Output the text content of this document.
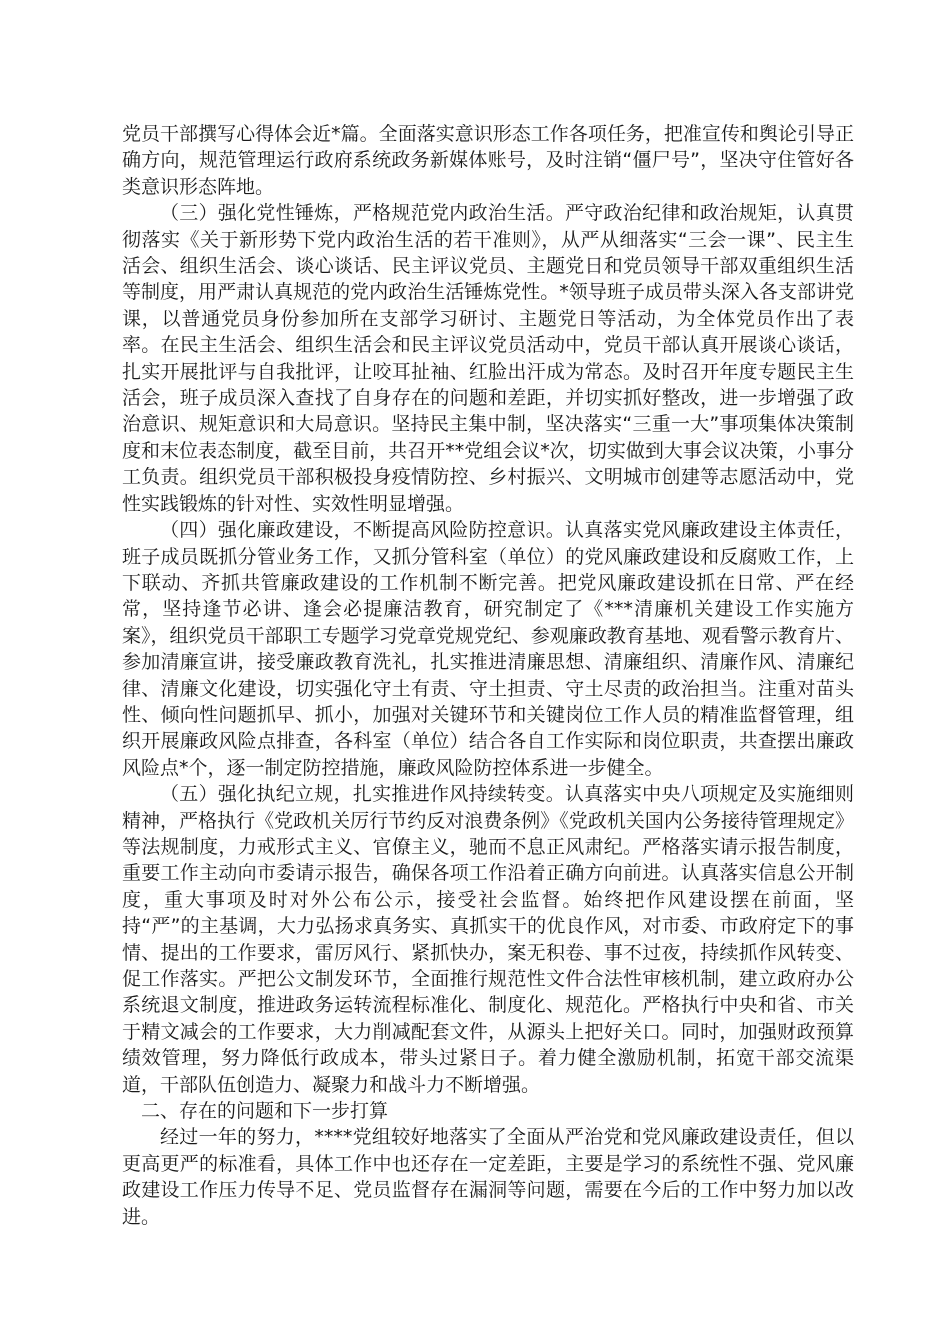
党员干部撰写心得体会近*篇。全面落实意识形态工作各项任务，把准宣传和舆论引导正确方向，规范管理运行政府系统政务新媒体账号，及时注销“僵尸号”，坚决守住管好各类意识形态阵地。

（三）强化党性锤炼，严格规范党内政治生活。严守政治纪律和政治规矩，认真贯彻落实《关于新形势下党内政治生活的若干准则》，从严从细落实“三会一课”、民主生活会、组织生活会、谈心谈话、民主评议党员、主题党日和党员领导干部双重组织生活等制度，用严肃认真规范的党内政治生活锤炼党性。*领导班子成员带头深入各支部讲党课，以普通党员身份参加所在支部学习研讨、主题党日等活动，为全体党员作出了表率。在民主生活会、组织生活会和民主评议党员活动中，党员干部认真开展谈心谈话，扎实开展批评与自我批评，让咬耳扯袖、红脸出汗成为常态。及时召开年度专题民主生活会，班子成员深入查找了自身存在的问题和差距，并切实抓好整改，进一步增强了政治意识、规矩意识和大局意识。坚持民主集中制，坚决落实“三重一大”事项集体决策制度和末位表态制度，截至目前，共召开**党组会议*次，切实做到大事会议决策，小事分工负责。组织党员干部积极投身疫情防控、乡村振兴、文明城市创建等志愿活动中，党性实践锻炼的针对性、实效性明显增强。

（四）强化廉政建设，不断提高风险防控意识。认真落实党风廉政建设主体责任，班子成员既抓分管业务工作，又抓分管科室（单位）的党风廉政建设和反腐败工作，上下联动、齐抓共管廉政建设的工作机制不断完善。把党风廉政建设抓在日常、严在经常，坚持逢节必讲、逢会必提廉洁教育，研究制定了《***清廉机关建设工作实施方案》，组织党员干部职工专题学习党章党规党纪、参观廉政教育基地、观看警示教育片、参加清廉宣讲，接受廉政教育洗礼，扎实推进清廉思想、清廉组织、清廉作风、清廉纪律、清廉文化建设，切实强化守土有责、守土担责、守土尽责的政治担当。注重对苗头性、倾向性问题抓早、抓小，加强对关键环节和关键岗位工作人员的精准监督管理，组织开展廉政风险点排查，各科室（单位）结合各自工作实际和岗位职责，共查摆出廉政风险点*个，逐一制定防控措施，廉政风险防控体系进一步健全。

（五）强化执纪立规，扎实推进作风持续转变。认真落实中央八项规定及实施细则精神，严格执行《党政机关厉行节约反对浪费条例》《党政机关国内公务接待管理规定》等法规制度，力戒形式主义、官僚主义，驰而不息正风肃纪。严格落实请示报告制度，重要工作主动向市委请示报告，确保各项工作沿着正确方向前进。认真落实信息公开制度，重大事项及时对外公布公示，接受社会监督。始终把作风建设摆在前面，坚持“严”的主基调，大力弘扬求真务实、真抓实干的优良作风，对市委、市政府定下的事情、提出的工作要求，雷厉风行、紧抓快办，案无积卷、事不过夜，持续抓作风转变、促工作落实。严把公文制发环节，全面推行规范性文件合法性审核机制，建立政府办公系统退文制度，推进政务运转流程标准化、制度化、规范化。严格执行中央和省、市关于精文减会的工作要求，大力削减配套文件，从源头上把好关口。同时，加强财政预算绩效管理，努力降低行政成本，带头过紧日子。着力健全激励机制，拓宽干部交流渠道，干部队伍创造力、凝聚力和战斗力不断增强。

二、存在的问题和下一步打算

经过一年的努力，****党组较好地落实了全面从严治党和党风廉政建设责任，但以更高更严的标准看，具体工作中也还存在一定差距，主要是学习的系统性不强、党风廉政建设工作压力传导不足、党员监督存在漏洞等问题，需要在今后的工作中努力加以改进。
